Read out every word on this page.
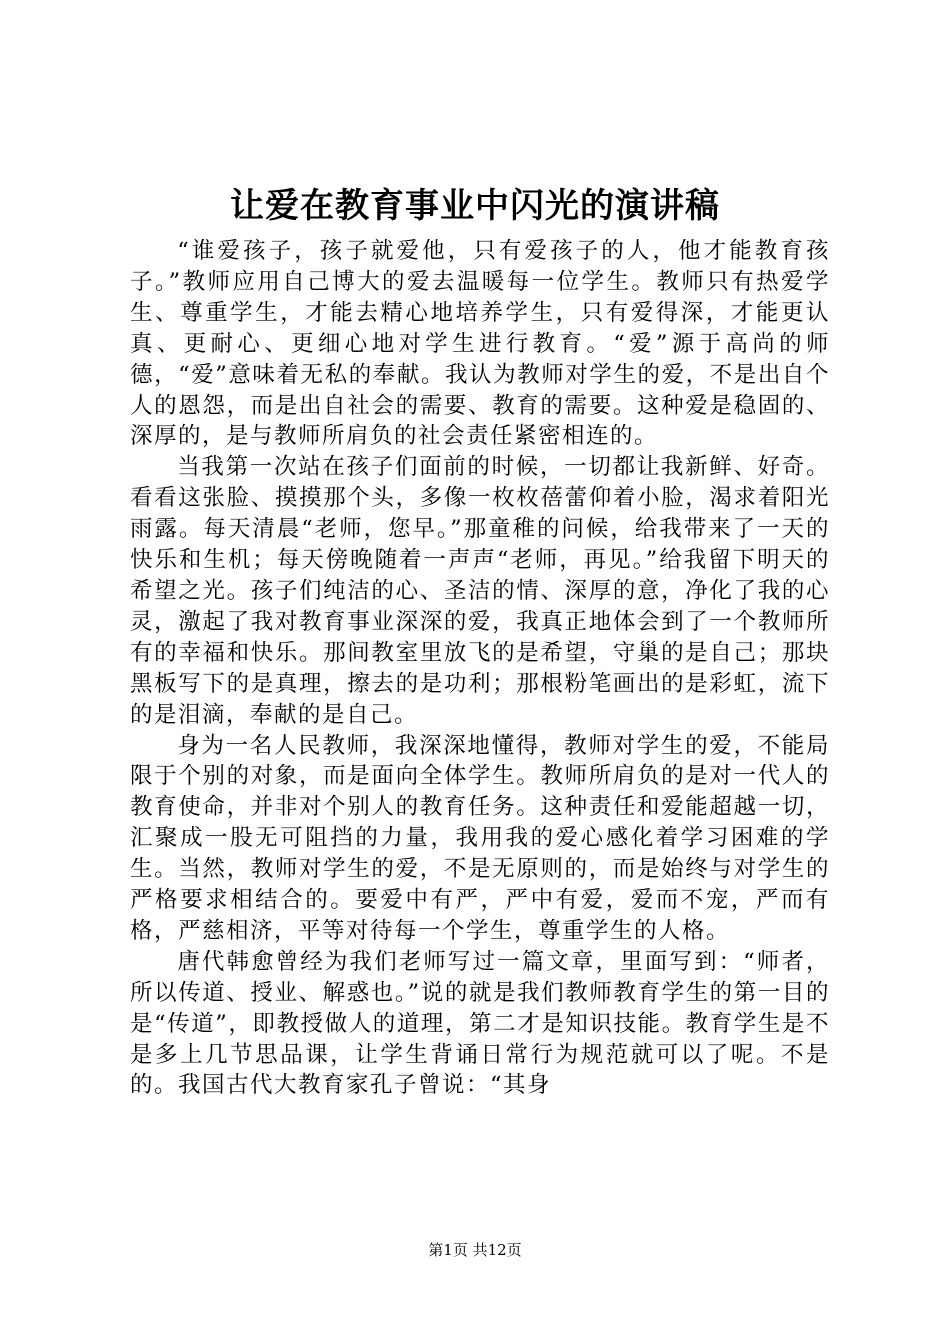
让爱在教育事业中闪光的演讲稿

“谁爱孩子，孩子就爱他，只有爱孩子的人，他才能教育孩子。”教师应用自己博大的爱去温暖每一位学生。教师只有热爱学生、尊重学生，才能去精心地培养学生，只有爱得深，才能更认真、更耐心、更细心地对学生进行教育。“爱”源于高尚的师德，“爱”意味着无私的奉献。我认为教师对学生的爱，不是出自个人的恩怨，而是出自社会的需要、教育的需要。这种爱是稳固的、深厚的，是与教师所肩负的社会责任紧密相连的。

当我第一次站在孩子们面前的时候，一切都让我新鲜、好奇。看看这张脸、摸摸那个头，多像一枚枚蓓蕾仰着小脸，渴求着阳光雨露。每天清晨“老师，您早。”那童稚的问候，给我带来了一天的快乐和生机；每天傍晚随着一声声“老师，再见。”给我留下明天的希望之光。孩子们纯洁的心、圣洁的情、深厚的意，净化了我的心灵，激起了我对教育事业深深的爱，我真正地体会到了一个教师所有的幸福和快乐。那间教室里放飞的是希望，守巢的是自己；那块黑板写下的是真理，擦去的是功利；那根粉笔画出的是彩虹，流下的是泪滴，奉献的是自己。

身为一名人民教师，我深深地懂得，教师对学生的爱，不能局限于个别的对象，而是面向全体学生。教师所肩负的是对一代人的教育使命，并非对个别人的教育任务。这种责任和爱能超越一切，汇聚成一股无可阻挡的力量，我用我的爱心感化着学习困难的学生。当然，教师对学生的爱，不是无原则的，而是始终与对学生的严格要求相结合的。要爱中有严，严中有爱，爱而不宠，严而有格，严慈相济，平等对待每一个学生，尊重学生的人格。

唐代韩愈曾经为我们老师写过一篇文章，里面写到：“师者，所以传道、授业、解惑也。”说的就是我们教师教育学生的第一目的是“传道”，即教授做人的道理，第二才是知识技能。教育学生是不是多上几节思品课，让学生背诵日常行为规范就可以了呢。不是的。我国古代大教育家孔子曾说：“其身

第1页 共12页
